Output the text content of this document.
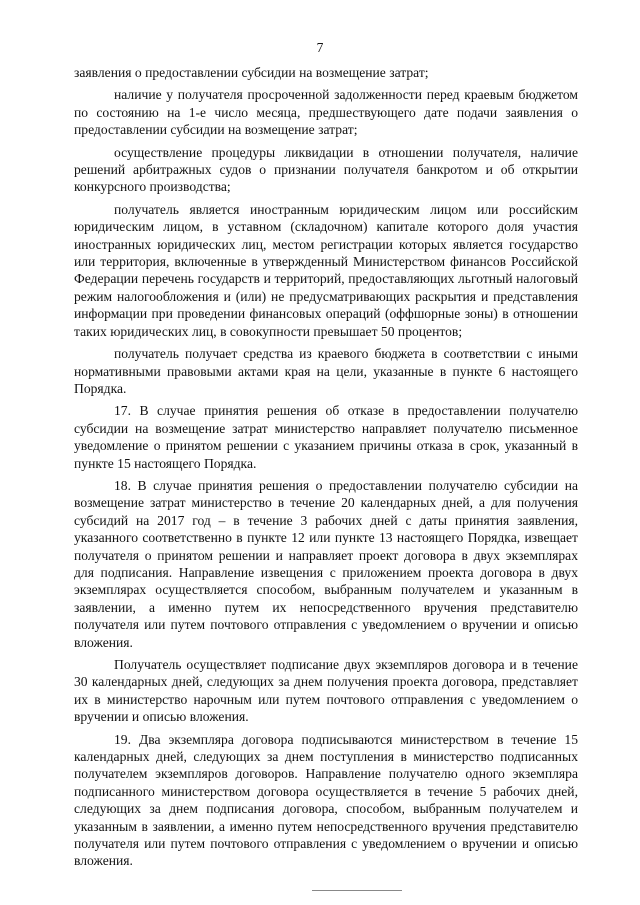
7

заявления о предоставлении субсидии на возмещение затрат;

наличие у получателя просроченной задолженности перед краевым бюджетом по состоянию на 1-е число месяца, предшествующего дате подачи заявления о предоставлении субсидии на возмещение затрат;

осуществление процедуры ликвидации в отношении получателя, наличие решений арбитражных судов о признании получателя банкротом и об открытии конкурсного производства;

получатель является иностранным юридическим лицом или российским юридическим лицом, в уставном (складочном) капитале которого доля участия иностранных юридических лиц, местом регистрации которых является государство или территория, включенные в утвержденный Министерством финансов Российской Федерации перечень государств и территорий, предоставляющих льготный налоговый режим налогообложения и (или) не предусматривающих раскрытия и представления информации при проведении финансовых операций (оффшорные зоны) в отношении таких юридических лиц, в совокупности превышает 50 процентов;

получатель получает средства из краевого бюджета в соответствии с иными нормативными правовыми актами края на цели, указанные в пункте 6 настоящего Порядка.

17. В случае принятия решения об отказе в предоставлении получателю субсидии на возмещение затрат министерство направляет получателю письменное уведомление о принятом решении с указанием причины отказа в срок, указанный в пункте 15 настоящего Порядка.

18. В случае принятия решения о предоставлении получателю субсидии на возмещение затрат министерство в течение 20 календарных дней, а для получения субсидий на 2017 год – в течение 3 рабочих дней с даты принятия заявления, указанного соответственно в пункте 12 или пункте 13 настоящего Порядка, извещает получателя о принятом решении и направляет проект договора в двух экземплярах для подписания. Направление извещения с приложением проекта договора в двух экземплярах осуществляется способом, выбранным получателем и указанным в заявлении, а именно путем их непосредственного вручения представителю получателя или путем почтового отправления с уведомлением о вручении и описью вложения.

Получатель осуществляет подписание двух экземпляров договора и в течение 30 календарных дней, следующих за днем получения проекта договора, представляет их в министерство нарочным или путем почтового отправления с уведомлением о вручении и описью вложения.

19. Два экземпляра договора подписываются министерством в течение 15 календарных дней, следующих за днем поступления в министерство подписанных получателем экземпляров договоров. Направление получателю одного экземпляра подписанного министерством договора осуществляется в течение 5 рабочих дней, следующих за днем подписания договора, способом, выбранным получателем и указанным в заявлении, а именно путем непосредственного вручения представителю получателя или путем почтового отправления с уведомлением о вручении и описью вложения.
